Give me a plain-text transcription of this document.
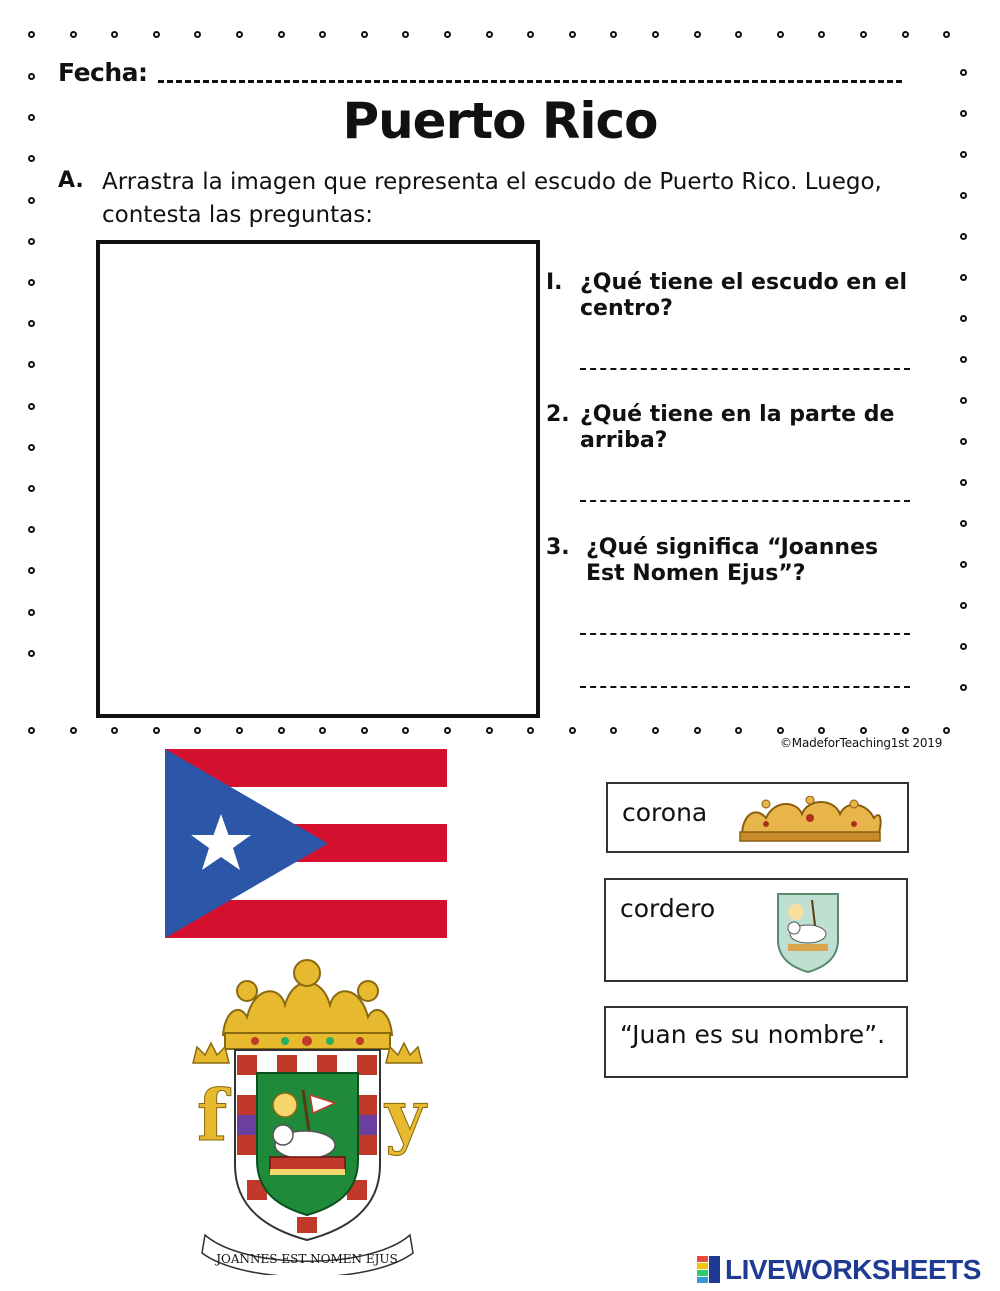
Fecha:
Puerto Rico
A. Arrastra la imagen que representa el escudo de Puerto Rico. Luego, contesta las preguntas:
I. ¿Qué tiene el escudo en el centro?
2. ¿Qué tiene en la parte de arriba?
3. ¿Qué significa “Joannes Est Nomen Ejus”?
©MadeforTeaching1st 2019
f y
JOANNES EST NOMEN EJUS
corona
cordero
“Juan es su nombre”.
LIVEWORKSHEETS
